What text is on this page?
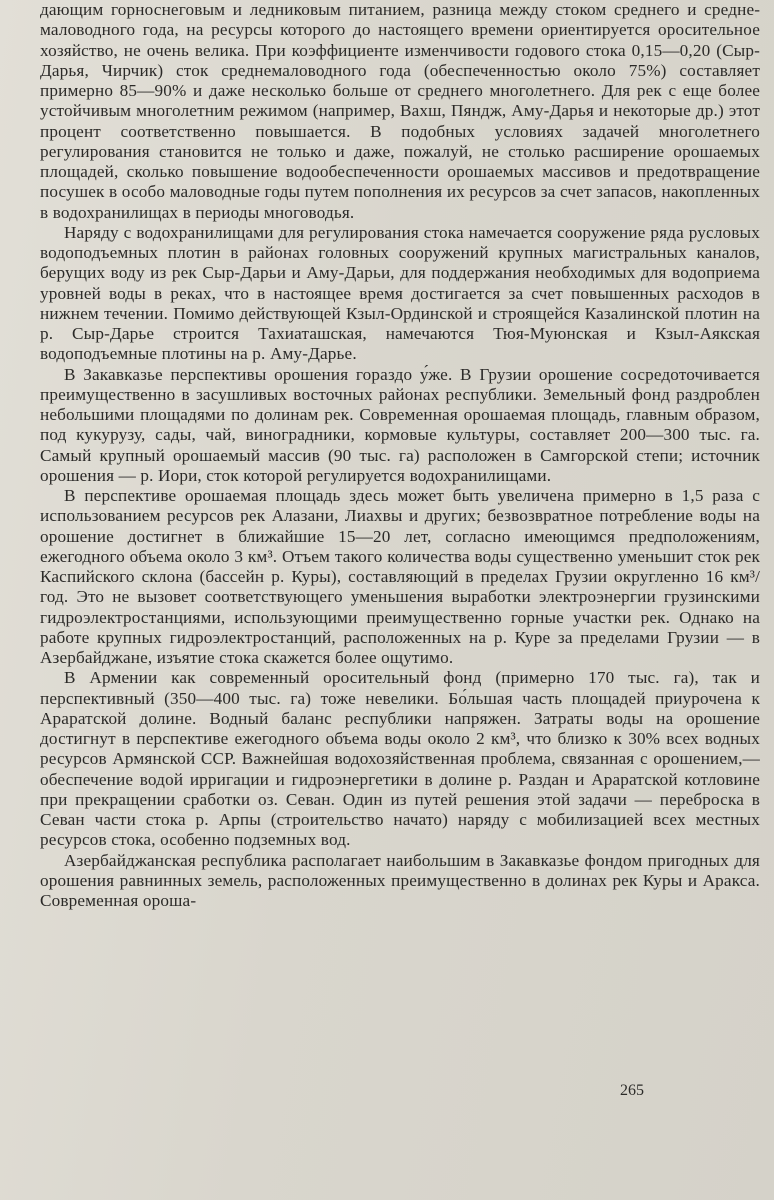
дающим горноснеговым и ледниковым питанием, разница между стоком среднего и среднемаловодного года, на ресурсы которого до настоящего времени ориентируется оросительное хозяйство, не очень велика. При коэффициенте изменчивости годового стока 0,15—0,20 (Сыр-Дарья, Чирчик) сток среднемаловодного года (обеспеченностью около 75%) составляет примерно 85—90% и даже несколько больше от среднего многолетнего. Для рек с еще более устойчивым многолетним режимом (например, Вахш, Пяндж, Аму-Дарья и некоторые др.) этот процент соответственно повышается. В подобных условиях задачей многолетнего регулирования становится не только и даже, пожалуй, не столько расширение орошаемых площадей, сколько повышение водообеспеченности орошаемых массивов и предотвращение посушек в особо маловодные годы путем пополнения их ресурсов за счет запасов, накопленных в водохранилищах в периоды многоводья.

Наряду с водохранилищами для регулирования стока намечается сооружение ряда русловых водоподъемных плотин в районах головных сооружений крупных магистральных каналов, берущих воду из рек Сыр-Дарьи и Аму-Дарьи, для поддержания необходимых для водоприема уровней воды в реках, что в настоящее время достигается за счет повышенных расходов в нижнем течении. Помимо действующей Кзыл-Ординской и строящейся Казалинской плотин на р. Сыр-Дарье строится Тахиаташская, намечаются Тюя-Муюнская и Кзыл-Аякская водоподъемные плотины на р. Аму-Дарье.

В Закавказье перспективы орошения гораздо у́же. В Грузии орошение сосредоточивается преимущественно в засушливых восточных районах республики. Земельный фонд раздроблен небольшими площадями по долинам рек. Современная орошаемая площадь, главным образом, под кукурузу, сады, чай, виноградники, кормовые культуры, составляет 200—300 тыс. га. Самый крупный орошаемый массив (90 тыс. га) расположен в Самгорской степи; источник орошения — р. Иори, сток которой регулируется водохранилищами.

В перспективе орошаемая площадь здесь может быть увеличена примерно в 1,5 раза с использованием ресурсов рек Алазани, Лиахвы и других; безвозвратное потребление воды на орошение достигнет в ближайшие 15—20 лет, согласно имеющимся предположениям, ежегодного объема около 3 км³. Отъем такого количества воды существенно уменьшит сток рек Каспийского склона (бассейн р. Куры), составляющий в пределах Грузии округленно 16 км³/год. Это не вызовет соответствующего уменьшения выработки электроэнергии грузинскими гидроэлектростанциями, использующими преимущественно горные участки рек. Однако на работе крупных гидроэлектростанций, расположенных на р. Куре за пределами Грузии — в Азербайджане, изъятие стока скажется более ощутимо.

В Армении как современный оросительный фонд (примерно 170 тыс. га), так и перспективный (350—400 тыс. га) тоже невелики. Бо́льшая часть площадей приурочена к Араратской долине. Водный баланс республики напряжен. Затраты воды на орошение достигнут в перспективе ежегодного объема воды около 2 км³, что близко к 30% всех водных ресурсов Армянской ССР. Важнейшая водохозяйственная проблема, связанная с орошением,— обеспечение водой ирригации и гидроэнергетики в долине р. Раздан и Араратской котловине при прекращении сработки оз. Севан. Один из путей решения этой задачи — переброска в Севан части стока р. Арпы (строительство начато) наряду с мобилизацией всех местных ресурсов стока, особенно подземных вод.

Азербайджанская республика располагает наибольшим в Закавказье фондом пригодных для орошения равнинных земель, расположенных преимущественно в долинах рек Куры и Аракса. Современная ороша-

265
